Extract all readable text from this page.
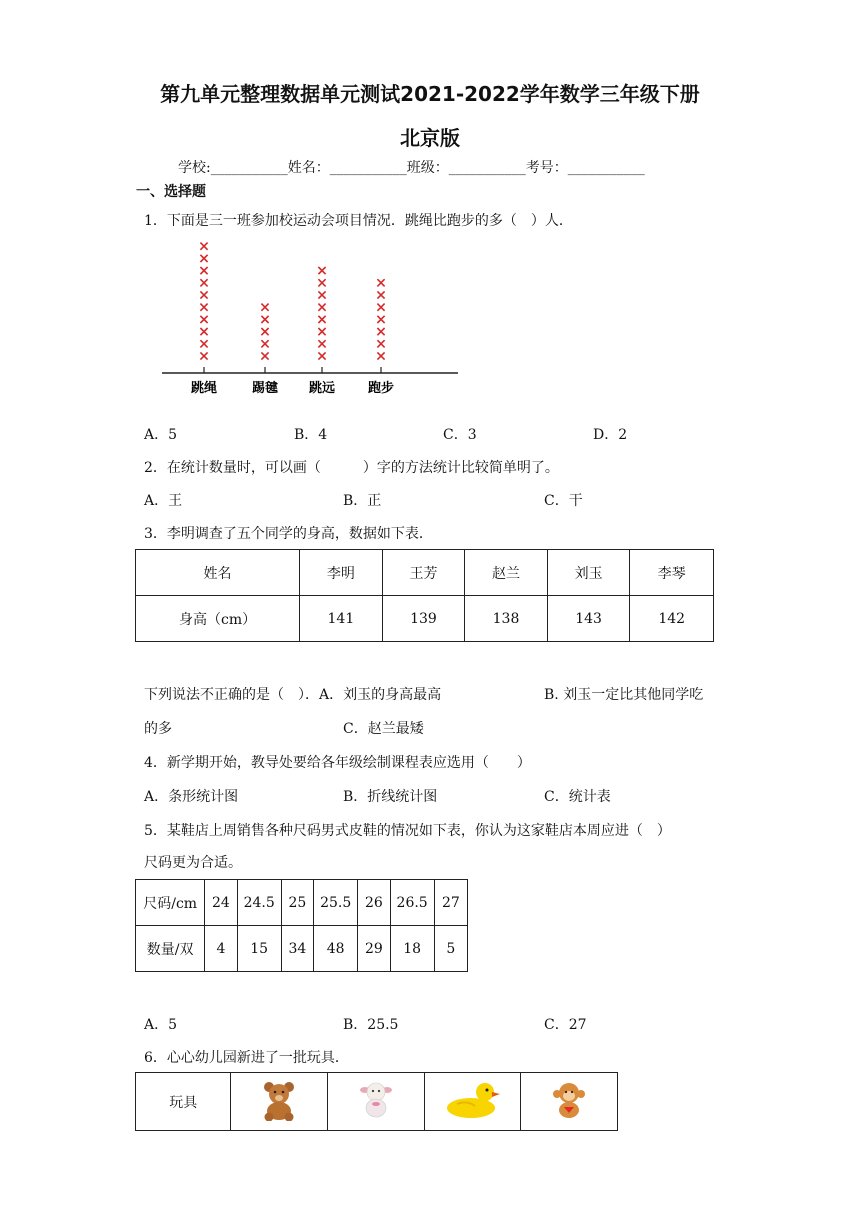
第九单元整理数据单元测试2021-2022学年数学三年级下册
北京版
学校:___________姓名：___________班级：___________考号：___________
一、选择题
1．下面是三一班参加校运动会项目情况．跳绳比跑步的多（　）人．
跳绳	踢毽 跳远	跑步
A．5	B．4	C．3	D．2
2．在统计数量时，可以画（　　　）字的方法统计比较简单明了。
A．王	B．正	C．干
3．李明调查了五个同学的身高，数据如下表．
姓名	李明	王芳	赵兰	刘玉	李琴
身高（cm）	141	139	138	143	142
下列说法不正确的是（　）．A．刘玉的身高最高	B. 刘玉一定比其他同学吃
的多	C．赵兰最矮
4．新学期开始，教导处要给各年级绘制课程表应选用（　　）
A．条形统计图	B．折线统计图	C．统计表
5．某鞋店上周销售各种尺码男式皮鞋的情况如下表，你认为这家鞋店本周应进（　）
尺码更为合适。
尺码/cm	24	24.5	25	25.5	26	26.5	27
数量/双	4	15	34	48	29	18	5
A．5	B．25.5	C．27
6．心心幼儿园新进了一批玩具．
玩具				
